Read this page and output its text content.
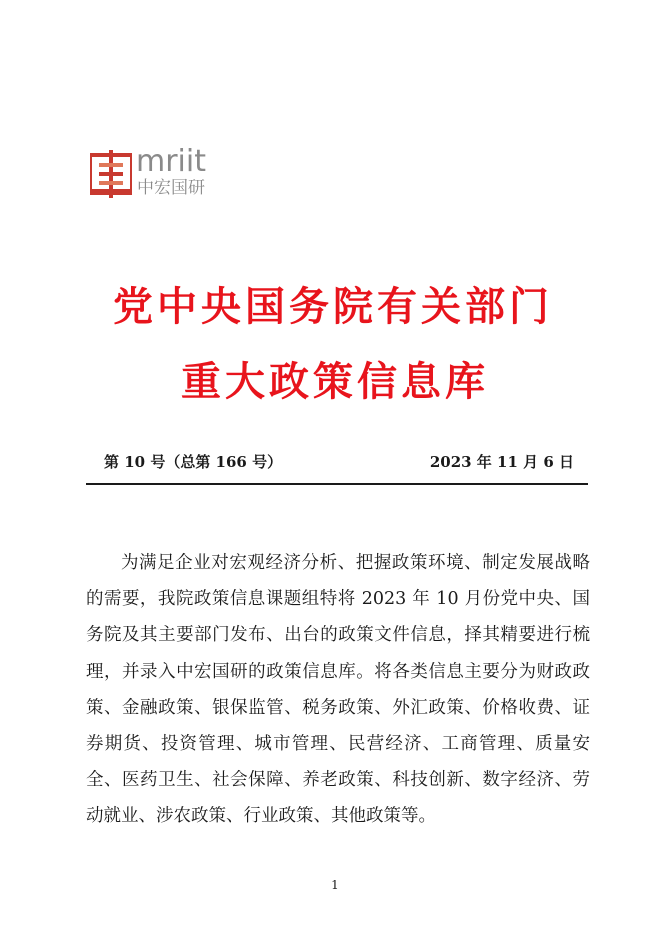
mriit
中宏国研
党中央国务院有关部门
重大政策信息库
第 10 号（总第 166 号）	2023 年 11 月 6 日

为满足企业对宏观经济分析、把握政策环境、制定发展战略的需要，我院政策信息课题组特将 2023 年 10 月份党中央、国务院及其主要部门发布、出台的政策文件信息，择其精要进行梳理，并录入中宏国研的政策信息库。将各类信息主要分为财政政策、金融政策、银保监管、税务政策、外汇政策、价格收费、证券期货、投资管理、城市管理、民营经济、工商管理、质量安全、医药卫生、社会保障、养老政策、科技创新、数字经济、劳动就业、涉农政策、行业政策、其他政策等。

1
